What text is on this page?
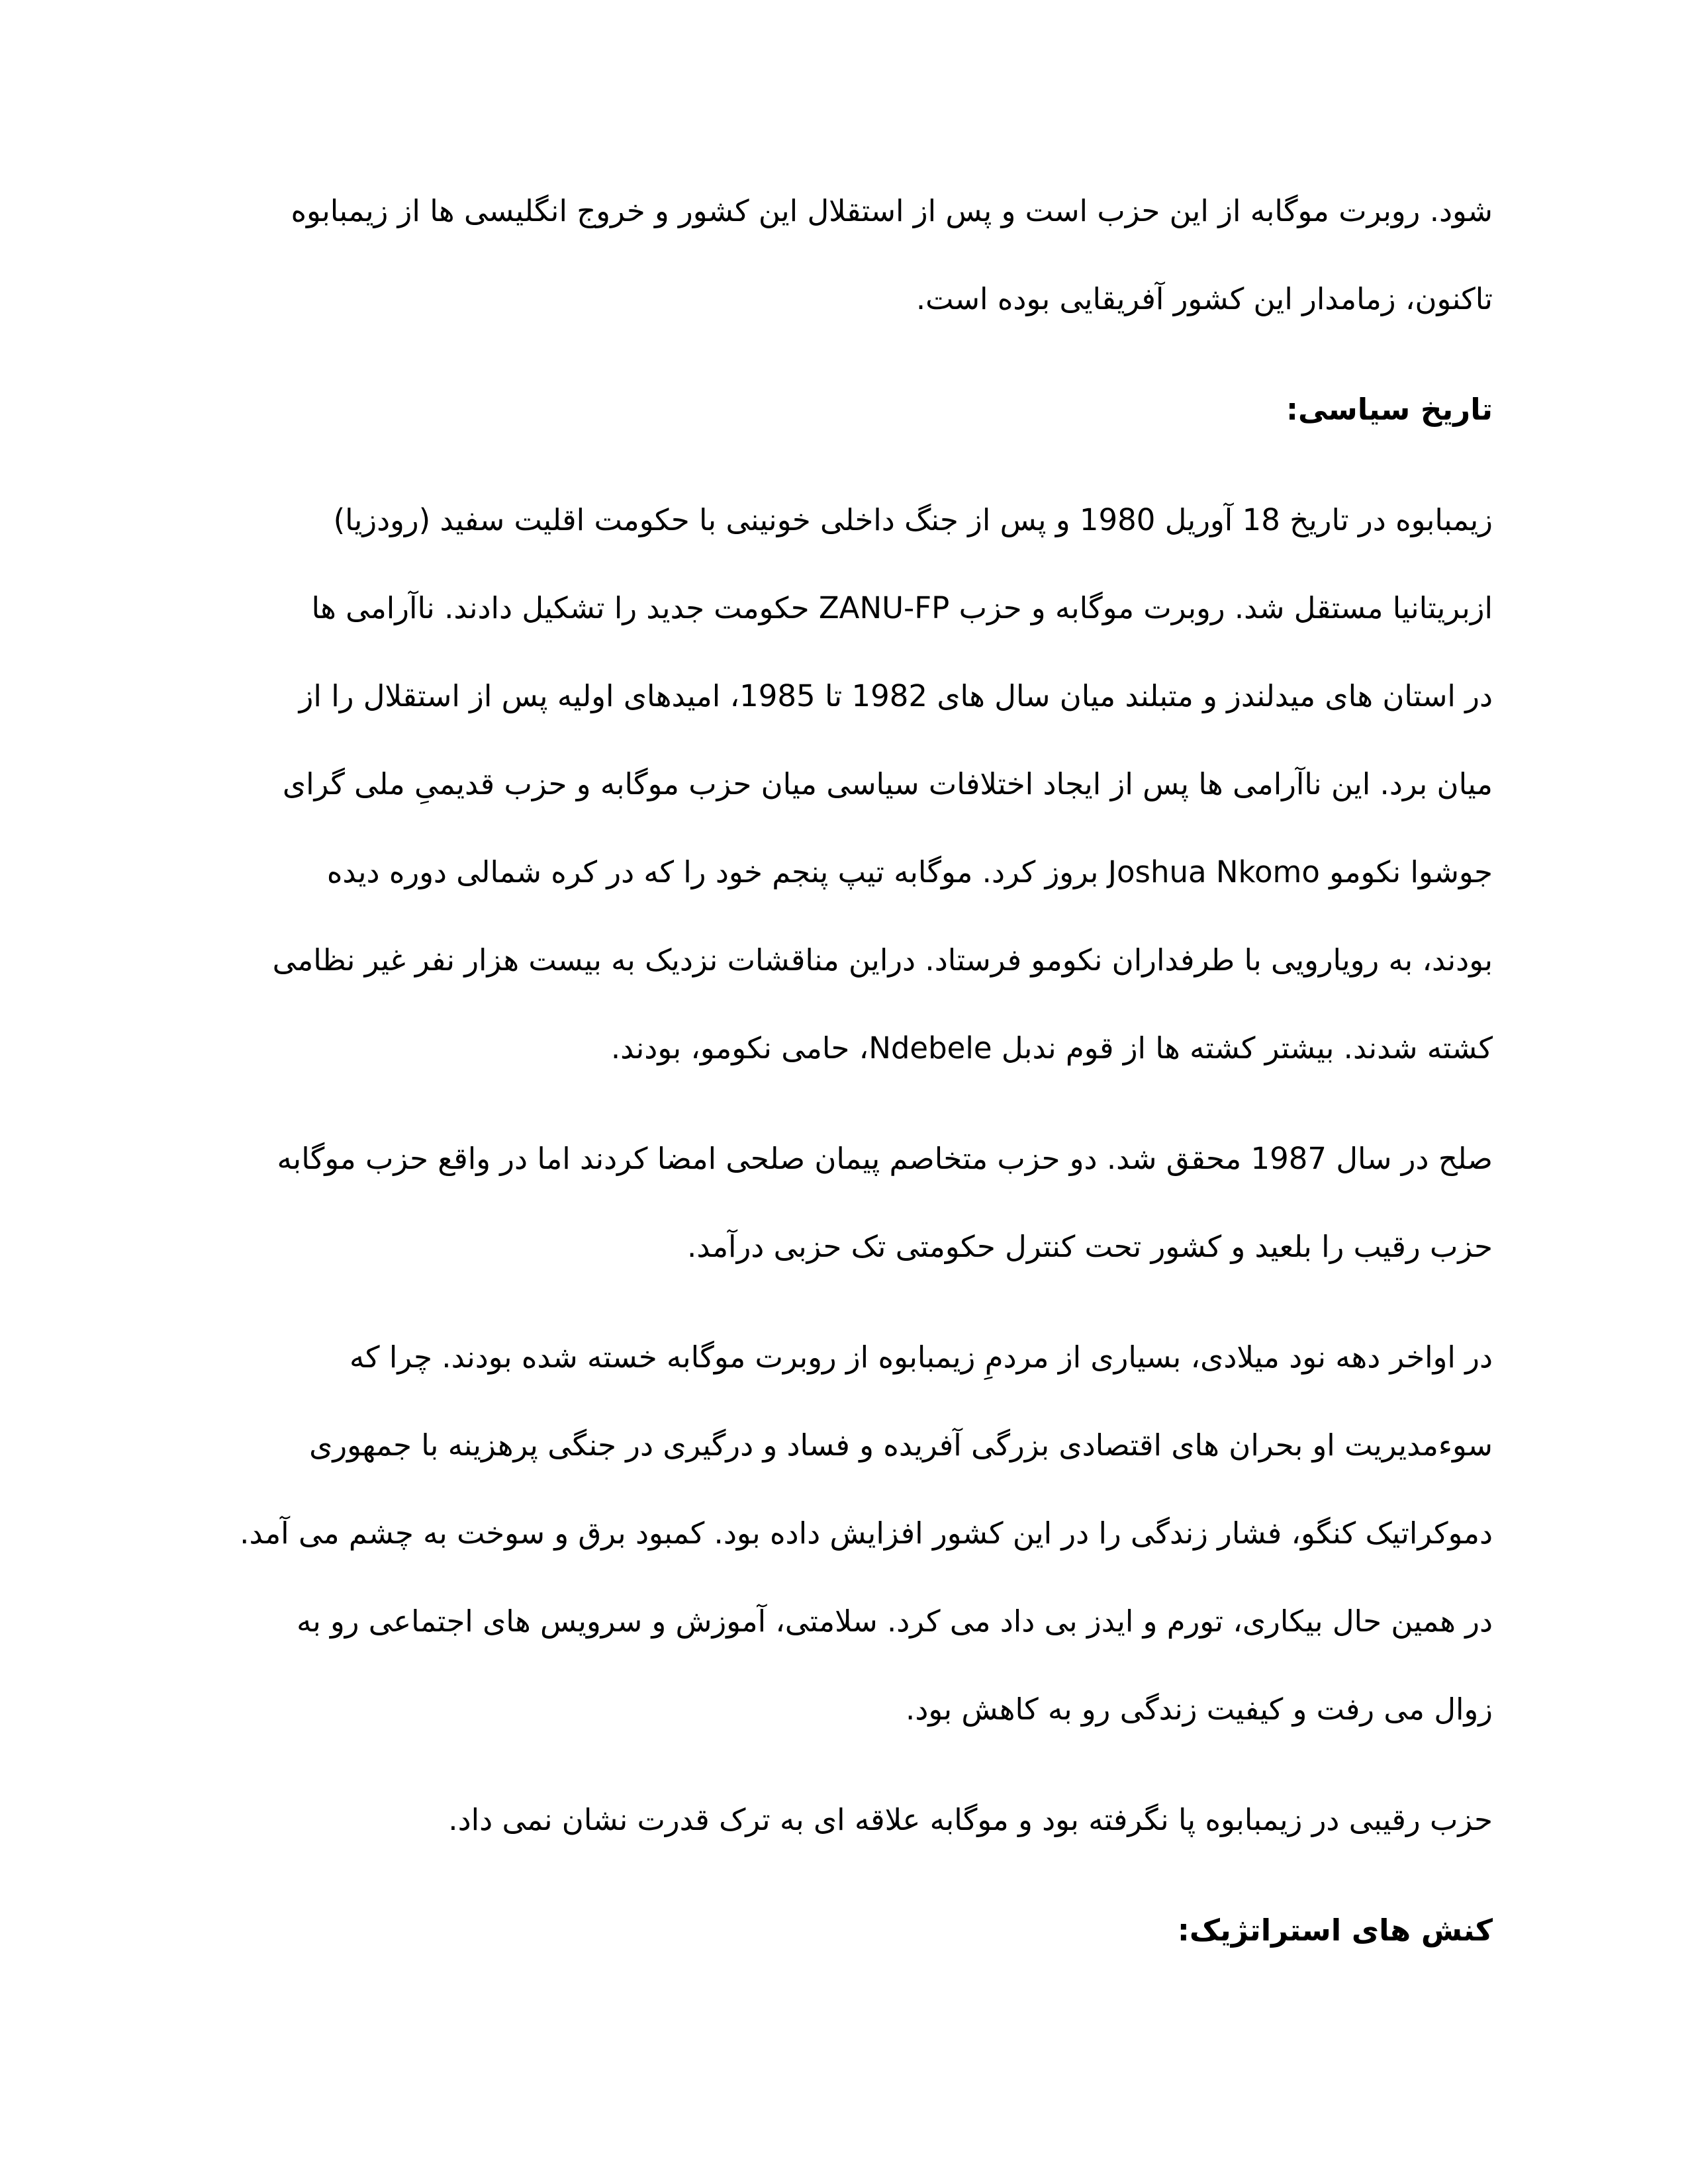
شود. روبرت موگابه از این حزب است و پس از استقلال این کشور و خروج انگلیسی ها از زیمبابوه
تاکنون، زمامدار این کشور آفریقایی بوده است.
تاریخ سیاسی:
زیمبابوه در تاریخ 18 آوریل 1980 و پس از جنگ داخلی خونینی با حکومت اقلیت سفید (رودزیا)
ازبریتانیا مستقل شد. روبرت موگابه و حزب ZANU-FP حکومت جدید را تشکیل دادند. ناآرامی ها
در استان های میدلندز و متبلند میان سال های 1982 تا 1985، امیدهای اولیه پس از استقلال را از
میان برد. این ناآرامی ها پس از ایجاد اختلافات سیاسی میان حزب موگابه و حزب قدیمیِ ملی گرای
جوشوا نکومو Joshua Nkomo بروز کرد. موگابه تیپ پنجم خود را که در کره شمالی دوره دیده
بودند، به رویارویی با طرفداران نکومو فرستاد. دراین مناقشات نزدیک به بیست هزار نفر غیر نظامی
کشته شدند. بیشتر کشته ها از قوم ندبل Ndebele، حامی نکومو، بودند.
صلح در سال 1987 محقق شد. دو حزب متخاصم پیمان صلحی امضا کردند اما در واقع حزب موگابه
حزب رقیب را بلعید و کشور تحت کنترل حکومتی تک حزبی درآمد.
در اواخر دهه نود میلادی، بسیاری از مردمِ زیمبابوه از روبرت موگابه خسته شده بودند. چرا که
سوءمدیریت او بحران های اقتصادی بزرگی آفریده و فساد و درگیری در جنگی پرهزینه با جمهوری
دموکراتیک کنگو، فشار زندگی را در این کشور افزایش داده بود. کمبود برق و سوخت به چشم می آمد.
در همین حال بیکاری، تورم و ایدز بی داد می کرد. سلامتی، آموزش و سرویس های اجتماعی رو به
زوال می رفت و کیفیت زندگی رو به کاهش بود.
حزب رقیبی در زیمبابوه پا نگرفته بود و موگابه علاقه ای به ترک قدرت نشان نمی داد.
کنش های استراتژیک:
